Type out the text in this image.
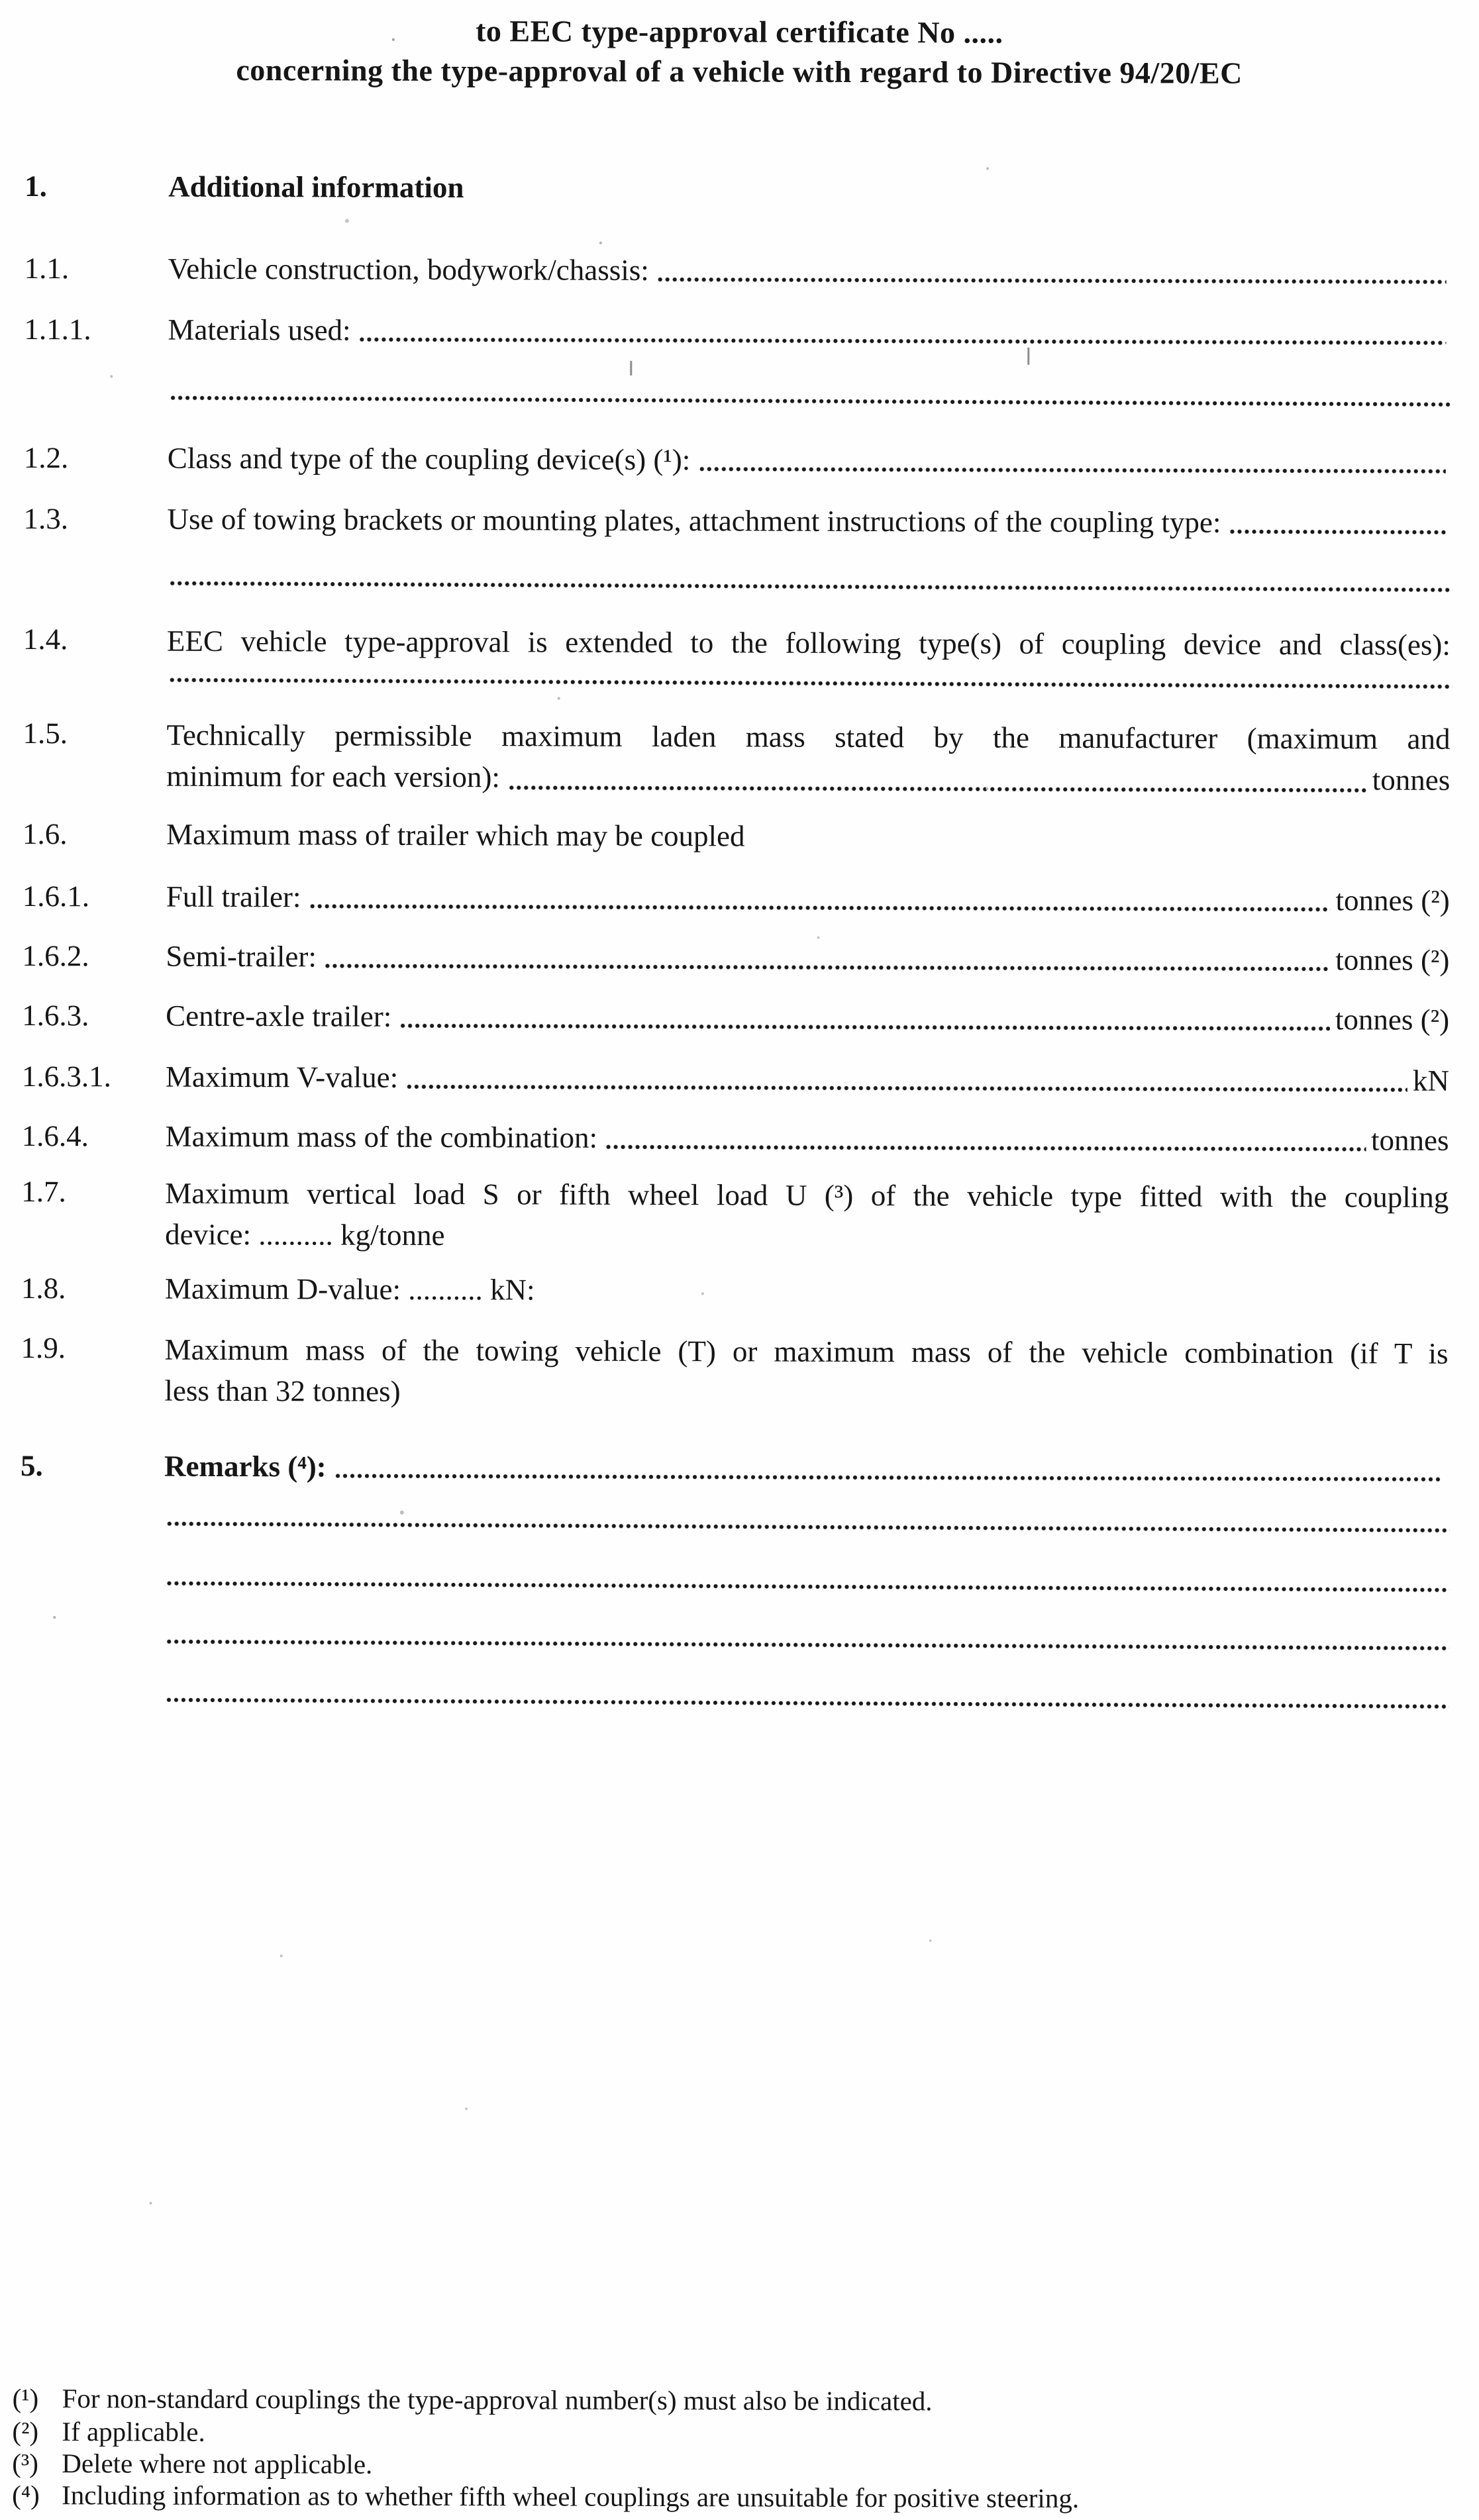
to EEC type-approval certificate No .....
concerning the type-approval of a vehicle with regard to Directive 94/20/EC
1.	Additional information
1.1.	Vehicle construction, bodywork/chassis:
1.1.1.	Materials used:
1.2.	Class and type of the coupling device(s) (¹):
1.3.	Use of towing brackets or mounting plates, attachment instructions of the coupling type:
1.4.	EEC vehicle type-approval is extended to the following type(s) of coupling device and class(es):
1.5.	Technically permissible maximum laden mass stated by the manufacturer (maximum and
minimum for each version):	tonnes
1.6.	Maximum mass of trailer which may be coupled
1.6.1.	Full trailer:	tonnes (²)
1.6.2.	Semi-trailer:	tonnes (²)
1.6.3.	Centre-axle trailer:	tonnes (²)
1.6.3.1.	Maximum V-value:	kN
1.6.4.	Maximum mass of the combination:	tonnes
1.7.	Maximum vertical load S or fifth wheel load U (³) of the vehicle type fitted with the coupling
device: .......... kg/tonne
1.8.	Maximum D-value: .......... kN:
1.9.	Maximum mass of the towing vehicle (T) or maximum mass of the vehicle combination (if T is
less than 32 tonnes)
5.	Remarks (⁴):
(¹) For non-standard couplings the type-approval number(s) must also be indicated.
(²) If applicable.
(³) Delete where not applicable.
(⁴) Including information as to whether fifth wheel couplings are unsuitable for positive steering.
